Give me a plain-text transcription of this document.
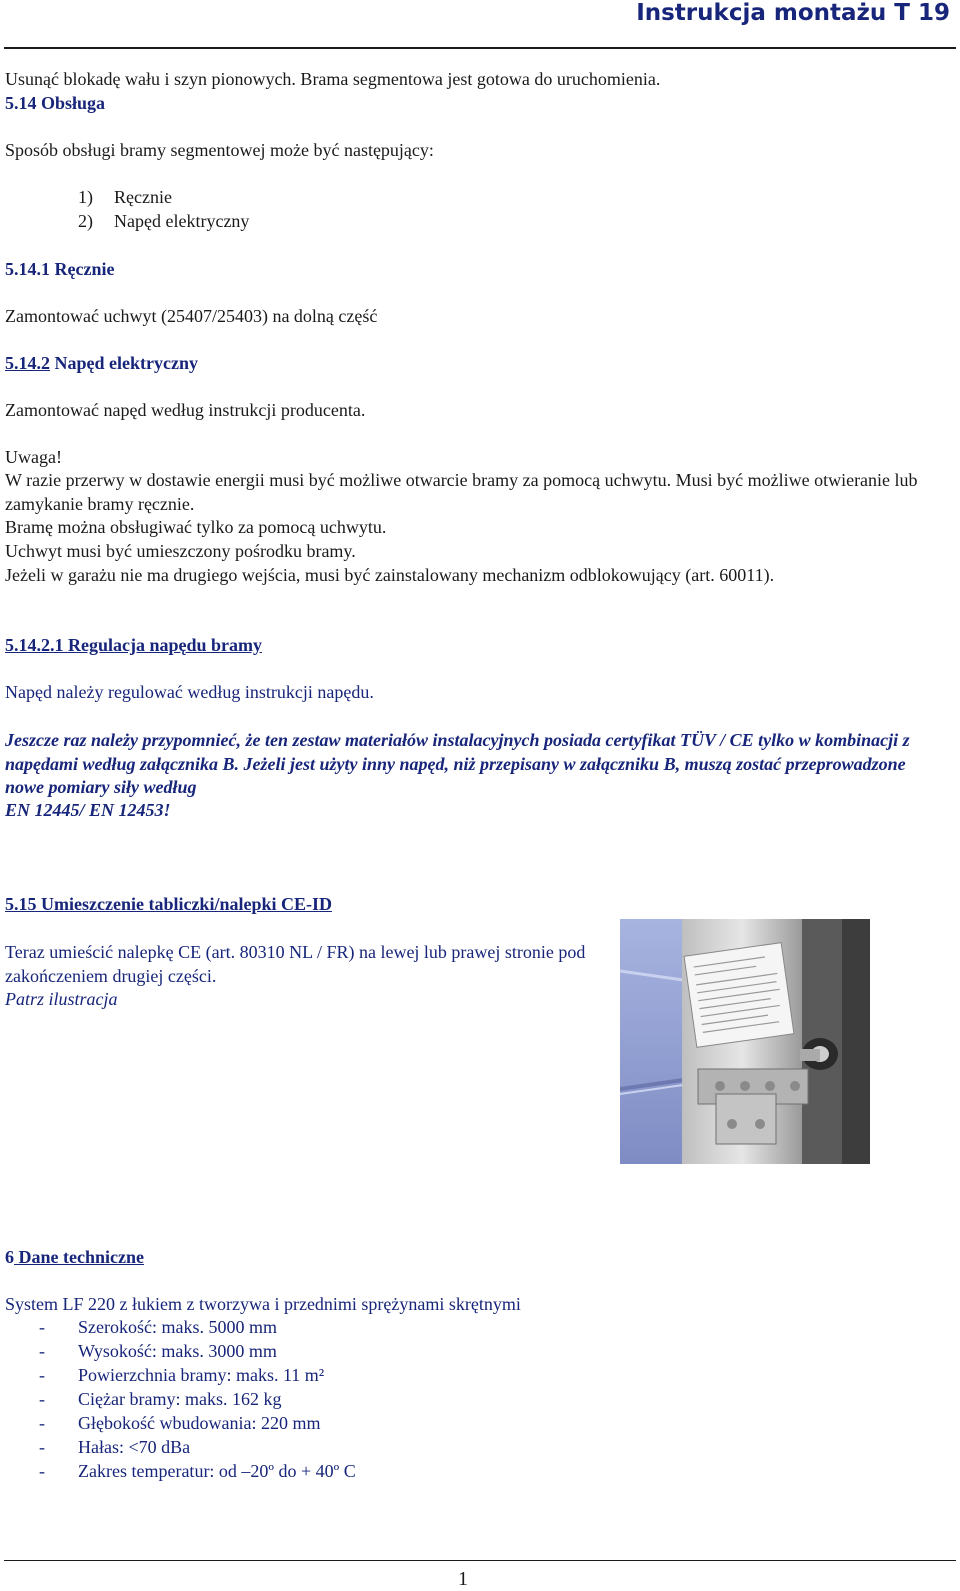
Instrukcja montażu T 19
Usunąć blokadę wału i szyn pionowych. Brama segmentowa jest gotowa do uruchomienia.
5.14 Obsługa
Sposób obsługi bramy segmentowej może być następujący:
1) Ręcznie
2) Napęd elektryczny
5.14.1 Ręcznie
Zamontować uchwyt (25407/25403) na dolną część
5.14.2 Napęd elektryczny
Zamontować napęd według instrukcji producenta.
Uwaga!
W razie przerwy w dostawie energii musi być możliwe otwarcie bramy za pomocą uchwytu. Musi być możliwe otwieranie lub zamykanie bramy ręcznie.
Bramę można obsługiwać tylko za pomocą uchwytu.
Uchwyt musi być umieszczony pośrodku bramy.
Jeżeli w garażu nie ma drugiego wejścia, musi być zainstalowany mechanizm odblokowujący (art. 60011).
5.14.2.1 Regulacja napędu bramy
Napęd należy regulować według instrukcji napędu.
Jeszcze raz należy przypomnieć, że ten zestaw materiałów instalacyjnych posiada certyfikat TÜV / CE tylko w kombinacji z napędami według załącznika B. Jeżeli jest użyty inny napęd, niż przepisany w załączniku B, muszą zostać przeprowadzone nowe pomiary siły według
EN 12445/ EN 12453!
5.15 Umieszczenie tabliczki/nalepki CE-ID
Teraz umieścić nalepkę CE (art. 80310 NL / FR) na lewej lub prawej stronie pod zakończeniem drugiej części.
Patrz ilustracja
6 Dane techniczne
System LF 220 z łukiem z tworzywa i przednimi sprężynami skrętnymi
- Szerokość: maks. 5000 mm
- Wysokość: maks. 3000 mm
- Powierzchnia bramy: maks. 11 m²
- Ciężar bramy: maks. 162 kg
- Głębokość wbudowania: 220 mm
- Hałas: <70 dBa
- Zakres temperatur: od –20º do + 40º C
1
